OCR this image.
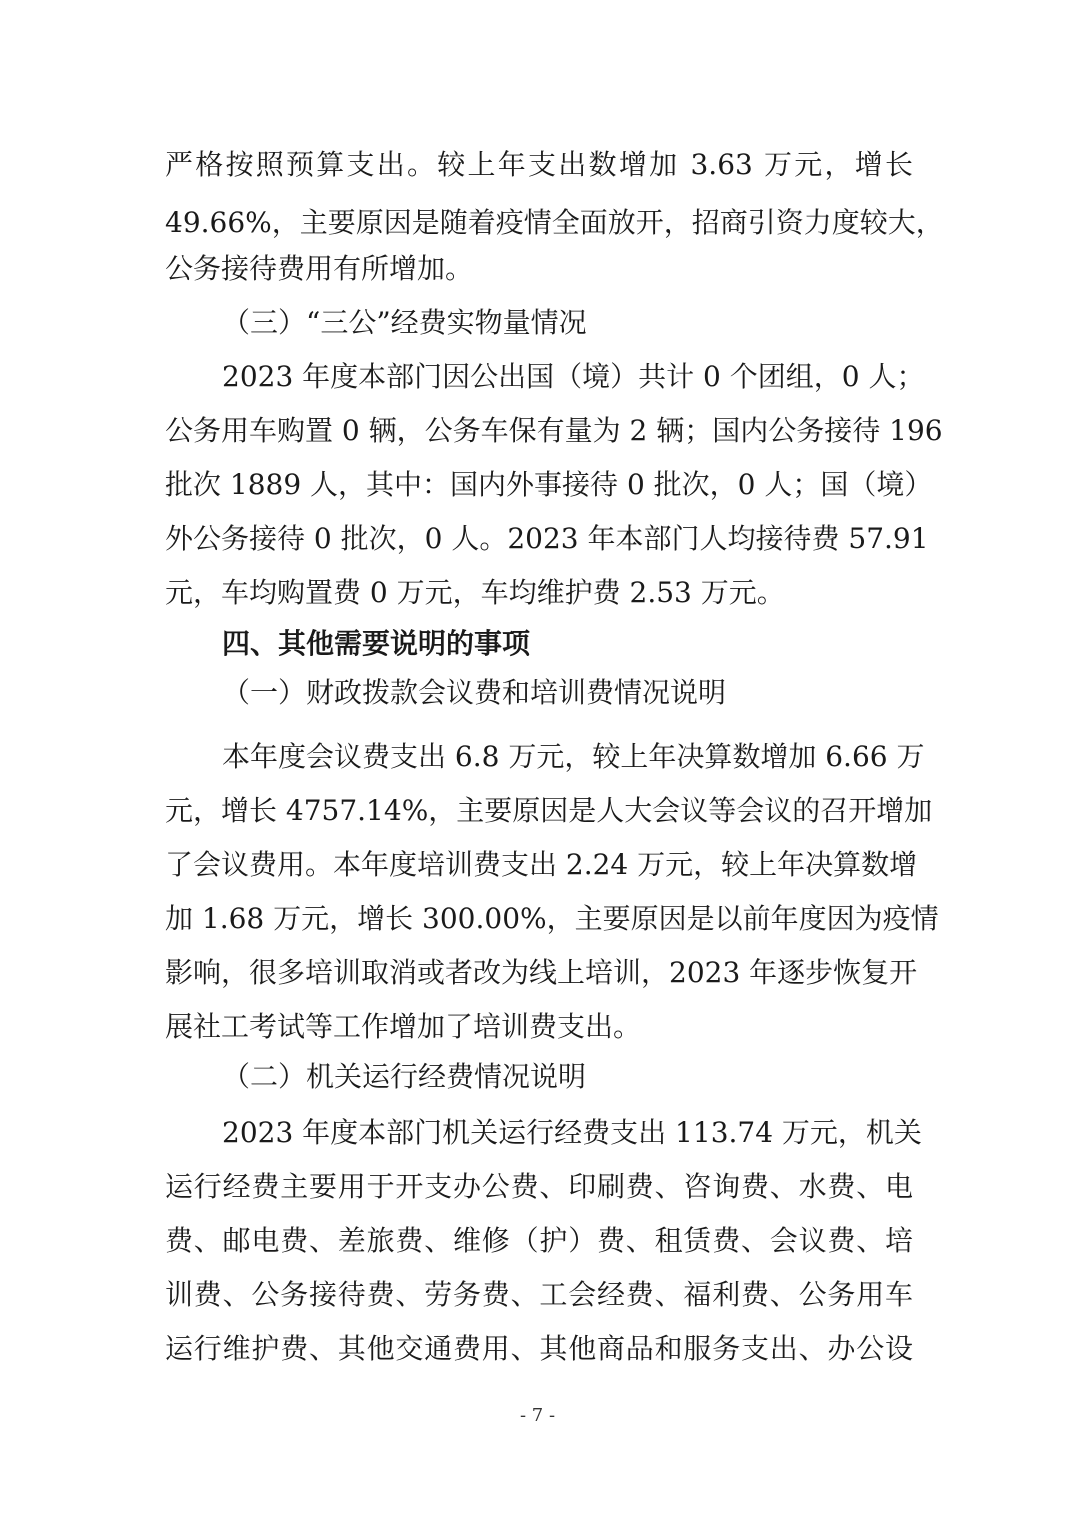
严格按照预算支出。较上年支出数增加 3.63 万元，增长
49.66%，主要原因是随着疫情全面放开，招商引资力度较大，
公务接待费用有所增加。
（三）“三公”经费实物量情况
2023 年度本部门因公出国（境）共计 0 个团组，0 人；
公务用车购置 0 辆，公务车保有量为 2 辆；国内公务接待 196
批次 1889 人，其中：国内外事接待 0 批次，0 人；国（境）
外公务接待 0 批次，0 人。2023 年本部门人均接待费 57.91
元，车均购置费 0 万元，车均维护费 2.53 万元。
四、其他需要说明的事项
（一）财政拨款会议费和培训费情况说明
本年度会议费支出 6.8 万元，较上年决算数增加 6.66 万
元，增长 4757.14%，主要原因是人大会议等会议的召开增加
了会议费用。本年度培训费支出 2.24 万元，较上年决算数增
加 1.68 万元，增长 300.00%，主要原因是以前年度因为疫情
影响，很多培训取消或者改为线上培训，2023 年逐步恢复开
展社工考试等工作增加了培训费支出。
（二）机关运行经费情况说明
2023 年度本部门机关运行经费支出 113.74 万元，机关
运行经费主要用于开支办公费、印刷费、咨询费、水费、电
费、邮电费、差旅费、维修（护）费、租赁费、会议费、培
训费、公务接待费、劳务费、工会经费、福利费、公务用车
运行维护费、其他交通费用、其他商品和服务支出、办公设
- 7 -
